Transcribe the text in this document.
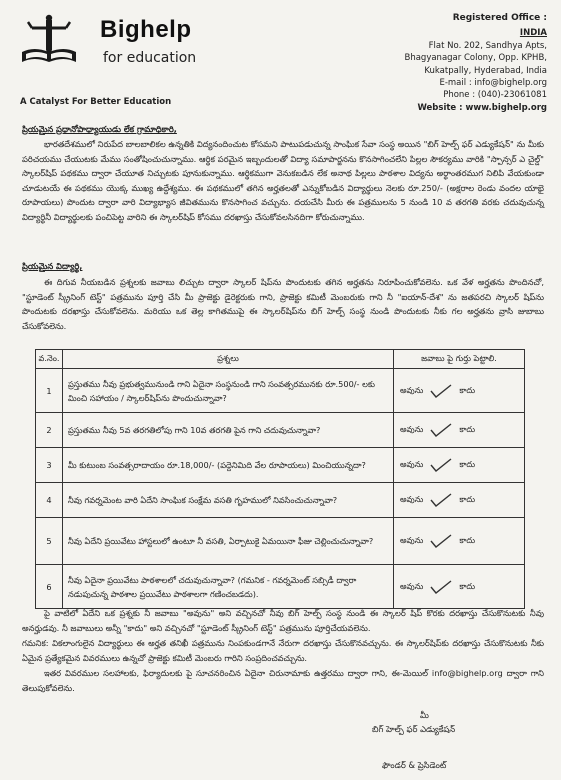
Bighelp
for education
A Catalyst For Better Education
Registered Office :
INDIA
Flat No. 202, Sandhya Apts,
Bhagyanagar Colony, Opp. KPHB,
Kukatpally, Hyderabad, India
E-mail : info@bighelp.org
Phone : (040)-23061081
Website : www.bighelp.org
ప్రియమైన ప్రధానోపాధ్యాయుడు లేక గ్రామాధికారి,
భారతదేశములో నిరుపేద బాలబాలికల ఉన్నతికి విద్యనందించుట కోసమని పాటుపడుచున్న సాంఘిక సేవా సంస్థ అయిన "బిగ్ హెల్ప్ ఫర్ ఎడ్యుకేషన్" ను మీకు పరిచయము చేయుటకు మేము సంతోషించుచున్నాము. ఆర్థిక పరమైన ఇబ్బందులతో విద్యా సమాపార్జనను కొనసాగించలేని పిల్లల సౌకర్యము వారికి "స్పాన్సర్ ఎ చైల్డ్" స్కాలర్‌షిప్ పథకము ద్వారా చేయూత నిచ్చుటకు పూనుకున్నాము. ఆర్థికముగా వెనుకబడిన లేక అనాథ పిల్లలు పాఠశాల విద్యను అర్థాంతరముగ నిలిపి వేయకుండా చూడుటయే ఈ పథకము యొక్క ముఖ్య ఉద్దేశ్యము. ఈ పథకములో తగిన అర్హతలతో ఎన్నుకోబడిన విద్యార్థులు నెలకు రూ.250/- (అక్షరాల రెండు వందల యాభై రూపాయలు) పొందుట ద్వారా వారి విద్యాభ్యాస జీవితమును కొనసాగించ వచ్చును. దయచేసి మీరు ఈ పత్రములను 5 నుండి 10 వ తరగతి వరకు చదువుచున్న విద్యార్థినీ విద్యార్థులకు పంచిపెట్ట వారిని ఈ స్కాలర్‌షిప్ కోసము దరఖాస్తు చేసుకోవలసినదిగా కోరుచున్నాము.
ప్రియమైన విద్యార్థి,
ఈ దిగువ నీయబడిన ప్రశ్నలకు జవాబు లిచ్చుట ద్వారా స్కాలర్ షిప్‌ను పొందుటకు తగిన అర్హతను నిరూపించుకోవలెను. ఒక వేళ అర్హతను పొందినచో, "స్టూడెంట్ స్క్రీనింగ్ టెస్ట్" పత్రమును పూర్తి చేసి మీ ప్రాజెక్టు డైరెక్టరుకు గాని, ప్రాజెక్టు కమిటీ మెంబరుకు గాని నీ "ఐయాన్-దేశ" ను జతపరచి స్కాలర్ షిప్‌ను పొందుటకు దరఖాస్తు చేసుకోవలెను. మరియు ఒక తెల్ల కాగితముపై ఈ స్కాలర్‌షిప్‌ను బిగ్ హెల్ప్ సంస్థ నుండి పొందుటకు నీకు గల అర్హతను వ్రాసి జుబాబు చేసుకోవలెను.
వ.నెం.	ప్రశ్నలు	జవాబు పై గుర్తు పెట్టాలి.
1	ప్రస్తుతము నీవు ప్రభుత్వమునుండి గాని ఏదైనా సంస్థనుండి గాని సంవత్సరమునకు రూ.500/- లకు మించి సహాయం / స్కాలర్‌షిప్‌ను పొందుచున్నావా?	అవును కాదు

2	ప్రస్తుతము నీవు 5వ తరగతిలోపు గాని 10వ తరగతి పైన గాని చదువుచున్నావా?	అవును కాదు

3	మీ కుటుంబ సంవత్సరాదాయం రూ.18,000/- (పద్దెనిమిది వేల రూపాయలు) మించియున్నదా?	అవును కాదు

4	నీవు గవర్నమెంట వారి ఏదేని సాంఘిక సంక్షేమ వసతి గృహములో నివసించుచున్నావా?	అవును కాదు

5	నీవు ఏదేని ప్రయివేటు హాస్టలులో ఉంటూ నీ వసతి, ఏర్పాటుకై ఏమయినా ఫీజు చెల్లించుచున్నావా?	అవును కాదు

6	నీవు ఏదైనా ప్రయివేటు పాఠశాలలో చదువుచున్నావా? (గమనిక - గవర్నమెంట్ సబ్సిడీ ద్వారా నడుపుచున్న పాఠశాల ప్రయివేటు పాఠశాలగా గణించబడదు).	అవును కాదు
పై వాటిలో ఏదేని ఒక ప్రశ్నకు నీ జవాబు "అవును" అని వచ్చినచో నీవు బిగ్ హెల్ప్ సంస్థ నుండి ఈ స్కాలర్ షిప్ కొరకు దరఖాస్తు చేసుకొనుటకు నీవు అనర్హుడవు. నీ జవాబులు అన్నీ "కాదు" అని వచ్చినచో "స్టూడెంట్ స్క్రీనింగ్ టెస్ట్" పత్రమును పూర్తిచేయవలెను.
గమనిక: వికలాంగులైన విద్యార్థులు ఈ అర్హత తనిఖీ పత్రమును నింపకుండగానే నేరుగా దరఖాస్తు చేసుకొనవచ్చును. ఈ స్కాలర్‌షిప్‌కు దరఖాస్తు చేసుకొనుటకు నీకు ఏమైన ప్రత్యేకమైన వివరములు ఉన్నచో ప్రాజెక్టు కమిటీ మెంబరు గారిని సంప్రదించవచ్చును.
ఇతర వివరముల సలహాలకు, ఫిర్యాదులకు పై సూచనరించిన ఏదైనా చిరునామాకు ఉత్తరము ద్వారా గాని, ఈ-మెయిల్ info@bighelp.org ద్వారా గాని తెలుపుకోవలెను.
మీ
బిగ్ హెల్ప్ ఫర్ ఎడ్యుకేషన్
ఫౌండర్ & ప్రెసిడెంట్
